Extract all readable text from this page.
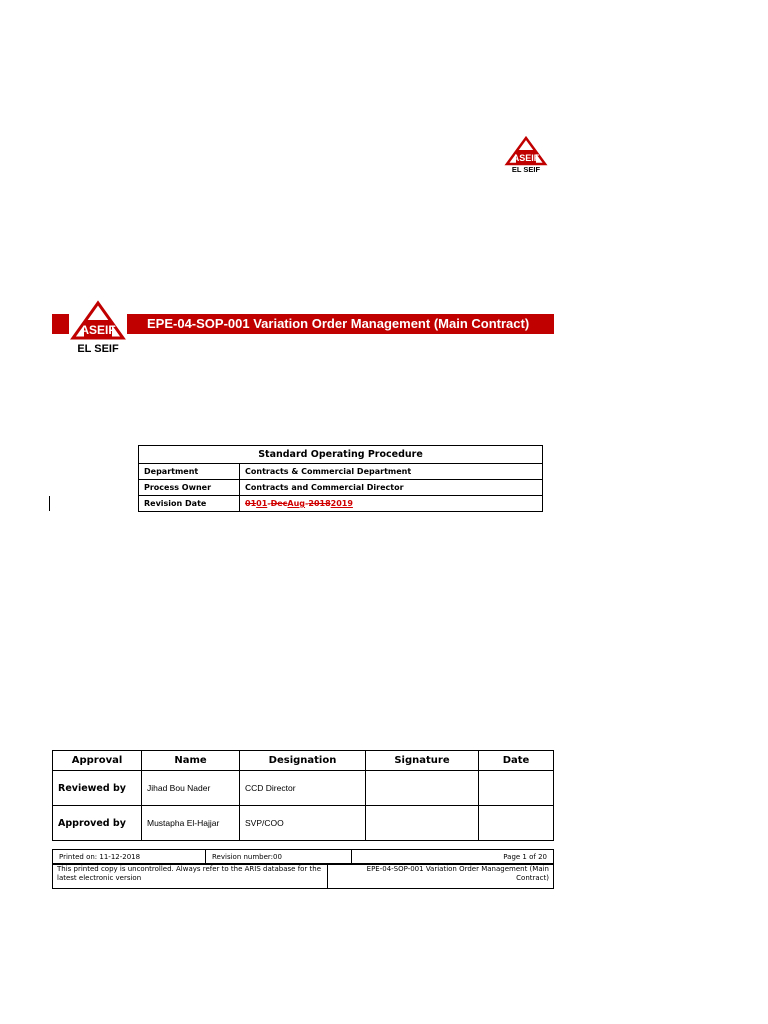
ASEIF
EL SEIF
EPE-04-SOP-001 Variation Order Management (Main Contract)
ASEIF
EL SEIF
Standard Operating Procedure	
Department	Contracts & Commercial Department
Process Owner	Contracts and Commercial Director
Revision Date	0101-DecAug-20182019
Approval	Name	Designation	Signature	Date
Reviewed by	Jihad Bou Nader	CCD Director		
Approved by	Mustapha El-Hajjar	SVP/COO		
Printed on: 11-12-2018	Revision number:00	Page 1 of 20
This printed copy is uncontrolled. Always refer to the ARIS database for the latest electronic version	EPE-04-SOP-001 Variation Order Management (Main Contract)
